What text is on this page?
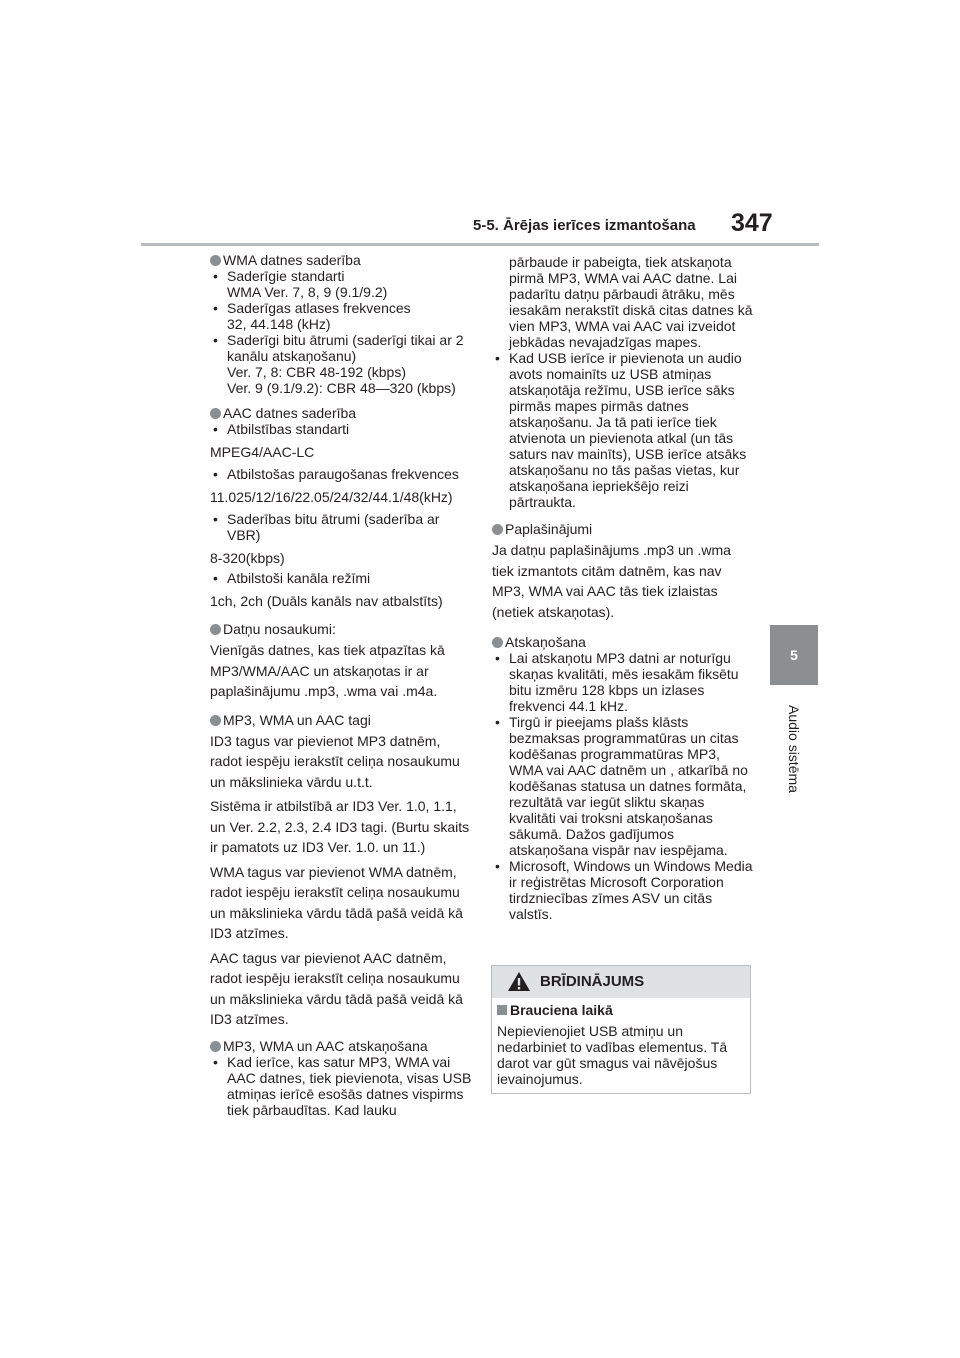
5-5. Ārējas ierīces izmantošana 347
5
Audio sistēma
WMA datnes saderība
• Saderīgie standarti
WMA Ver. 7, 8, 9 (9.1/9.2)
• Saderīgas atlases frekvences
32, 44.148 (kHz)
• Saderīgi bitu ātrumi (saderīgi tikai ar 2 kanālu atskaņošanu)
Ver. 7, 8: CBR 48-192 (kbps)
Ver. 9 (9.1/9.2): CBR 48—320 (kbps)
AAC datnes saderība
• Atbilstības standarti
MPEG4/AAC-LC
• Atbilstošas paraugošanas frekvences
11.025/12/16/22.05/24/32/44.1/48(kHz)
• Saderības bitu ātrumi (saderība ar VBR)
8-320(kbps)
• Atbilstoši kanāla režīmi
1ch, 2ch (Duāls kanāls nav atbalstīts)
Datņu nosaukumi:
Vienīgās datnes, kas tiek atpazītas kā MP3/WMA/AAC un atskaņotas ir ar paplašinājumu .mp3, .wma vai .m4a.
MP3, WMA un AAC tagi
ID3 tagus var pievienot MP3 datnēm, radot iespēju ierakstīt celiņa nosaukumu un mākslinieka vārdu u.t.t.
Sistēma ir atbilstībā ar ID3 Ver. 1.0, 1.1, un Ver. 2.2, 2.3, 2.4 ID3 tagi. (Burtu skaits ir pamatots uz ID3 Ver. 1.0. un 11.)
WMA tagus var pievienot WMA datnēm, radot iespēju ierakstīt celiņa nosaukumu un mākslinieka vārdu tādā pašā veidā kā ID3 atzīmes.
AAC tagus var pievienot AAC datnēm, radot iespēju ierakstīt celiņa nosaukumu un mākslinieka vārdu tādā pašā veidā kā ID3 atzīmes.
MP3, WMA un AAC atskaņošana
• Kad ierīce, kas satur MP3, WMA vai AAC datnes, tiek pievienota, visas USB atmiņas ierīcē esošās datnes vispirms tiek pārbaudītas. Kad lauku
pārbaude ir pabeigta, tiek atskaņota pirmā MP3, WMA vai AAC datne. Lai padarītu datņu pārbaudi ātrāku, mēs iesakām nerakstīt diskā citas datnes kā vien MP3, WMA vai AAC vai izveidot jebkādas nevajadzīgas mapes.
• Kad USB ierīce ir pievienota un audio avots nomainīts uz USB atmiņas atskaņotāja režīmu, USB ierīce sāks pirmās mapes pirmās datnes atskaņošanu. Ja tā pati ierīce tiek atvienota un pievienota atkal (un tās saturs nav mainīts), USB ierīce atsāks atskaņošanu no tās pašas vietas, kur atskaņošana iepriekšējo reizi pārtraukta.
Paplašinājumi
Ja datņu paplašinājums .mp3 un .wma tiek izmantots citām datnēm, kas nav MP3, WMA vai AAC tās tiek izlaistas (netiek atskaņotas).
Atskaņošana
• Lai atskaņotu MP3 datni ar noturīgu skaņas kvalitāti, mēs iesakām fiksētu bitu izmēru 128 kbps un izlases frekvenci 44.1 kHz.
• Tirgū ir pieejams plašs klāsts bezmaksas programmatūras un citas kodēšanas programmatūras MP3, WMA vai AAC datnēm un , atkarībā no kodēšanas statusa un datnes formāta, rezultātā var iegūt sliktu skaņas kvalitāti vai troksni atskaņošanas sākumā. Dažos gadījumos atskaņošana vispār nav iespējama.
• Microsoft, Windows un Windows Media ir reģistrētas Microsoft Corporation tirdzniecības zīmes ASV un citās valstīs.
BRĪDINĀJUMS
Brauciena laikā
Nepievienojiet USB atmiņu un nedarbiniet to vadības elementus. Tā darot var gūt smagus vai nāvējošus ievainojumus.
